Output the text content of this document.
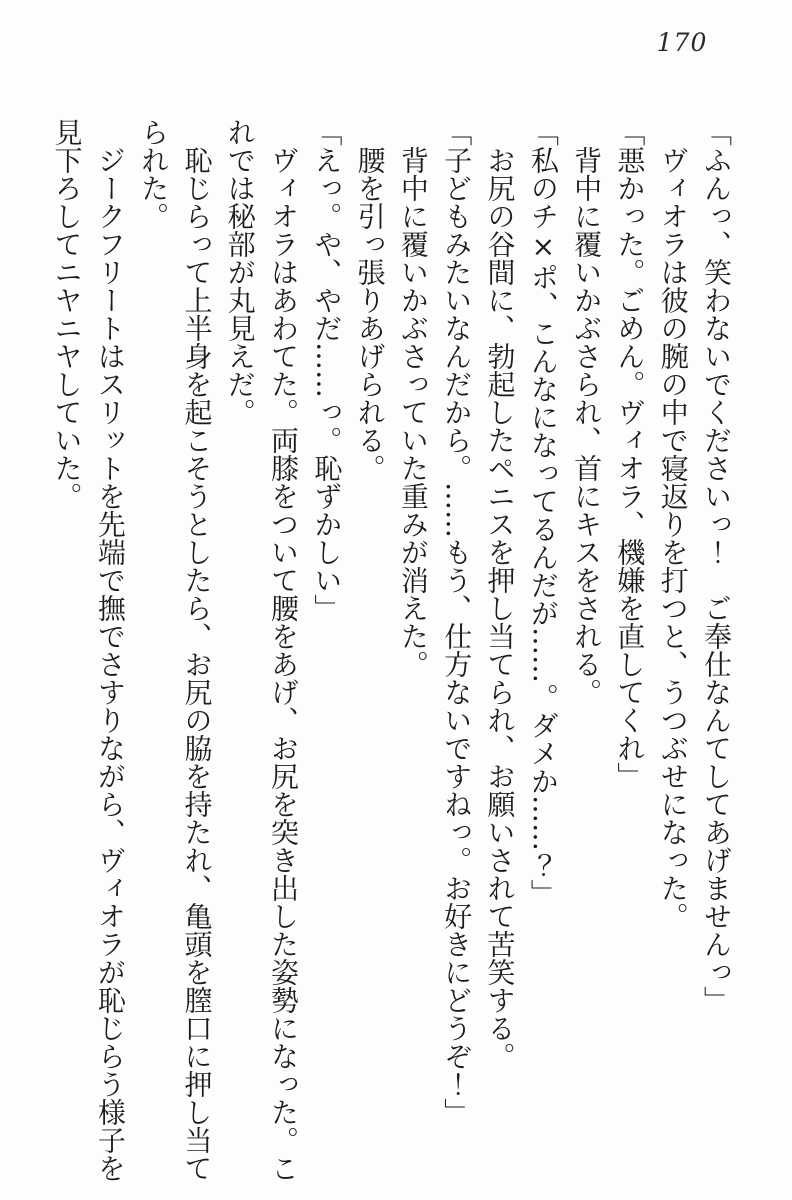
170
「ふんっ、笑わないでくださいっ！　ご奉仕なんてしてあげませんっ」
ヴィオラは彼の腕の中で寝返りを打つと、うつぶせになった。
「悪かった。ごめん。ヴィオラ、機嫌を直してくれ」
背中に覆いかぶさられ、首にキスをされる。
「私のチ×ポ、こんなになってるんだが……。ダメか……？」
お尻の谷間に、勃起したペニスを押し当てられ、お願いされて苦笑する。
「子どもみたいなんだから。……もう、仕方ないですねっ。お好きにどうぞ！」
背中に覆いかぶさっていた重みが消えた。
腰を引っ張りあげられる。
「えっ。や、やだ……っ。恥ずかしい」
ヴィオラはあわてた。両膝をついて腰をあげ、お尻を突き出した姿勢になった。こ
れでは秘部が丸見えだ。
恥じらって上半身を起こそうとしたら、お尻の脇を持たれ、亀頭を膣口に押し当て
られた。
ジークフリートはスリットを先端で撫でさすりながら、ヴィオラが恥じらう様子を
見下ろしてニヤニヤしていた。
